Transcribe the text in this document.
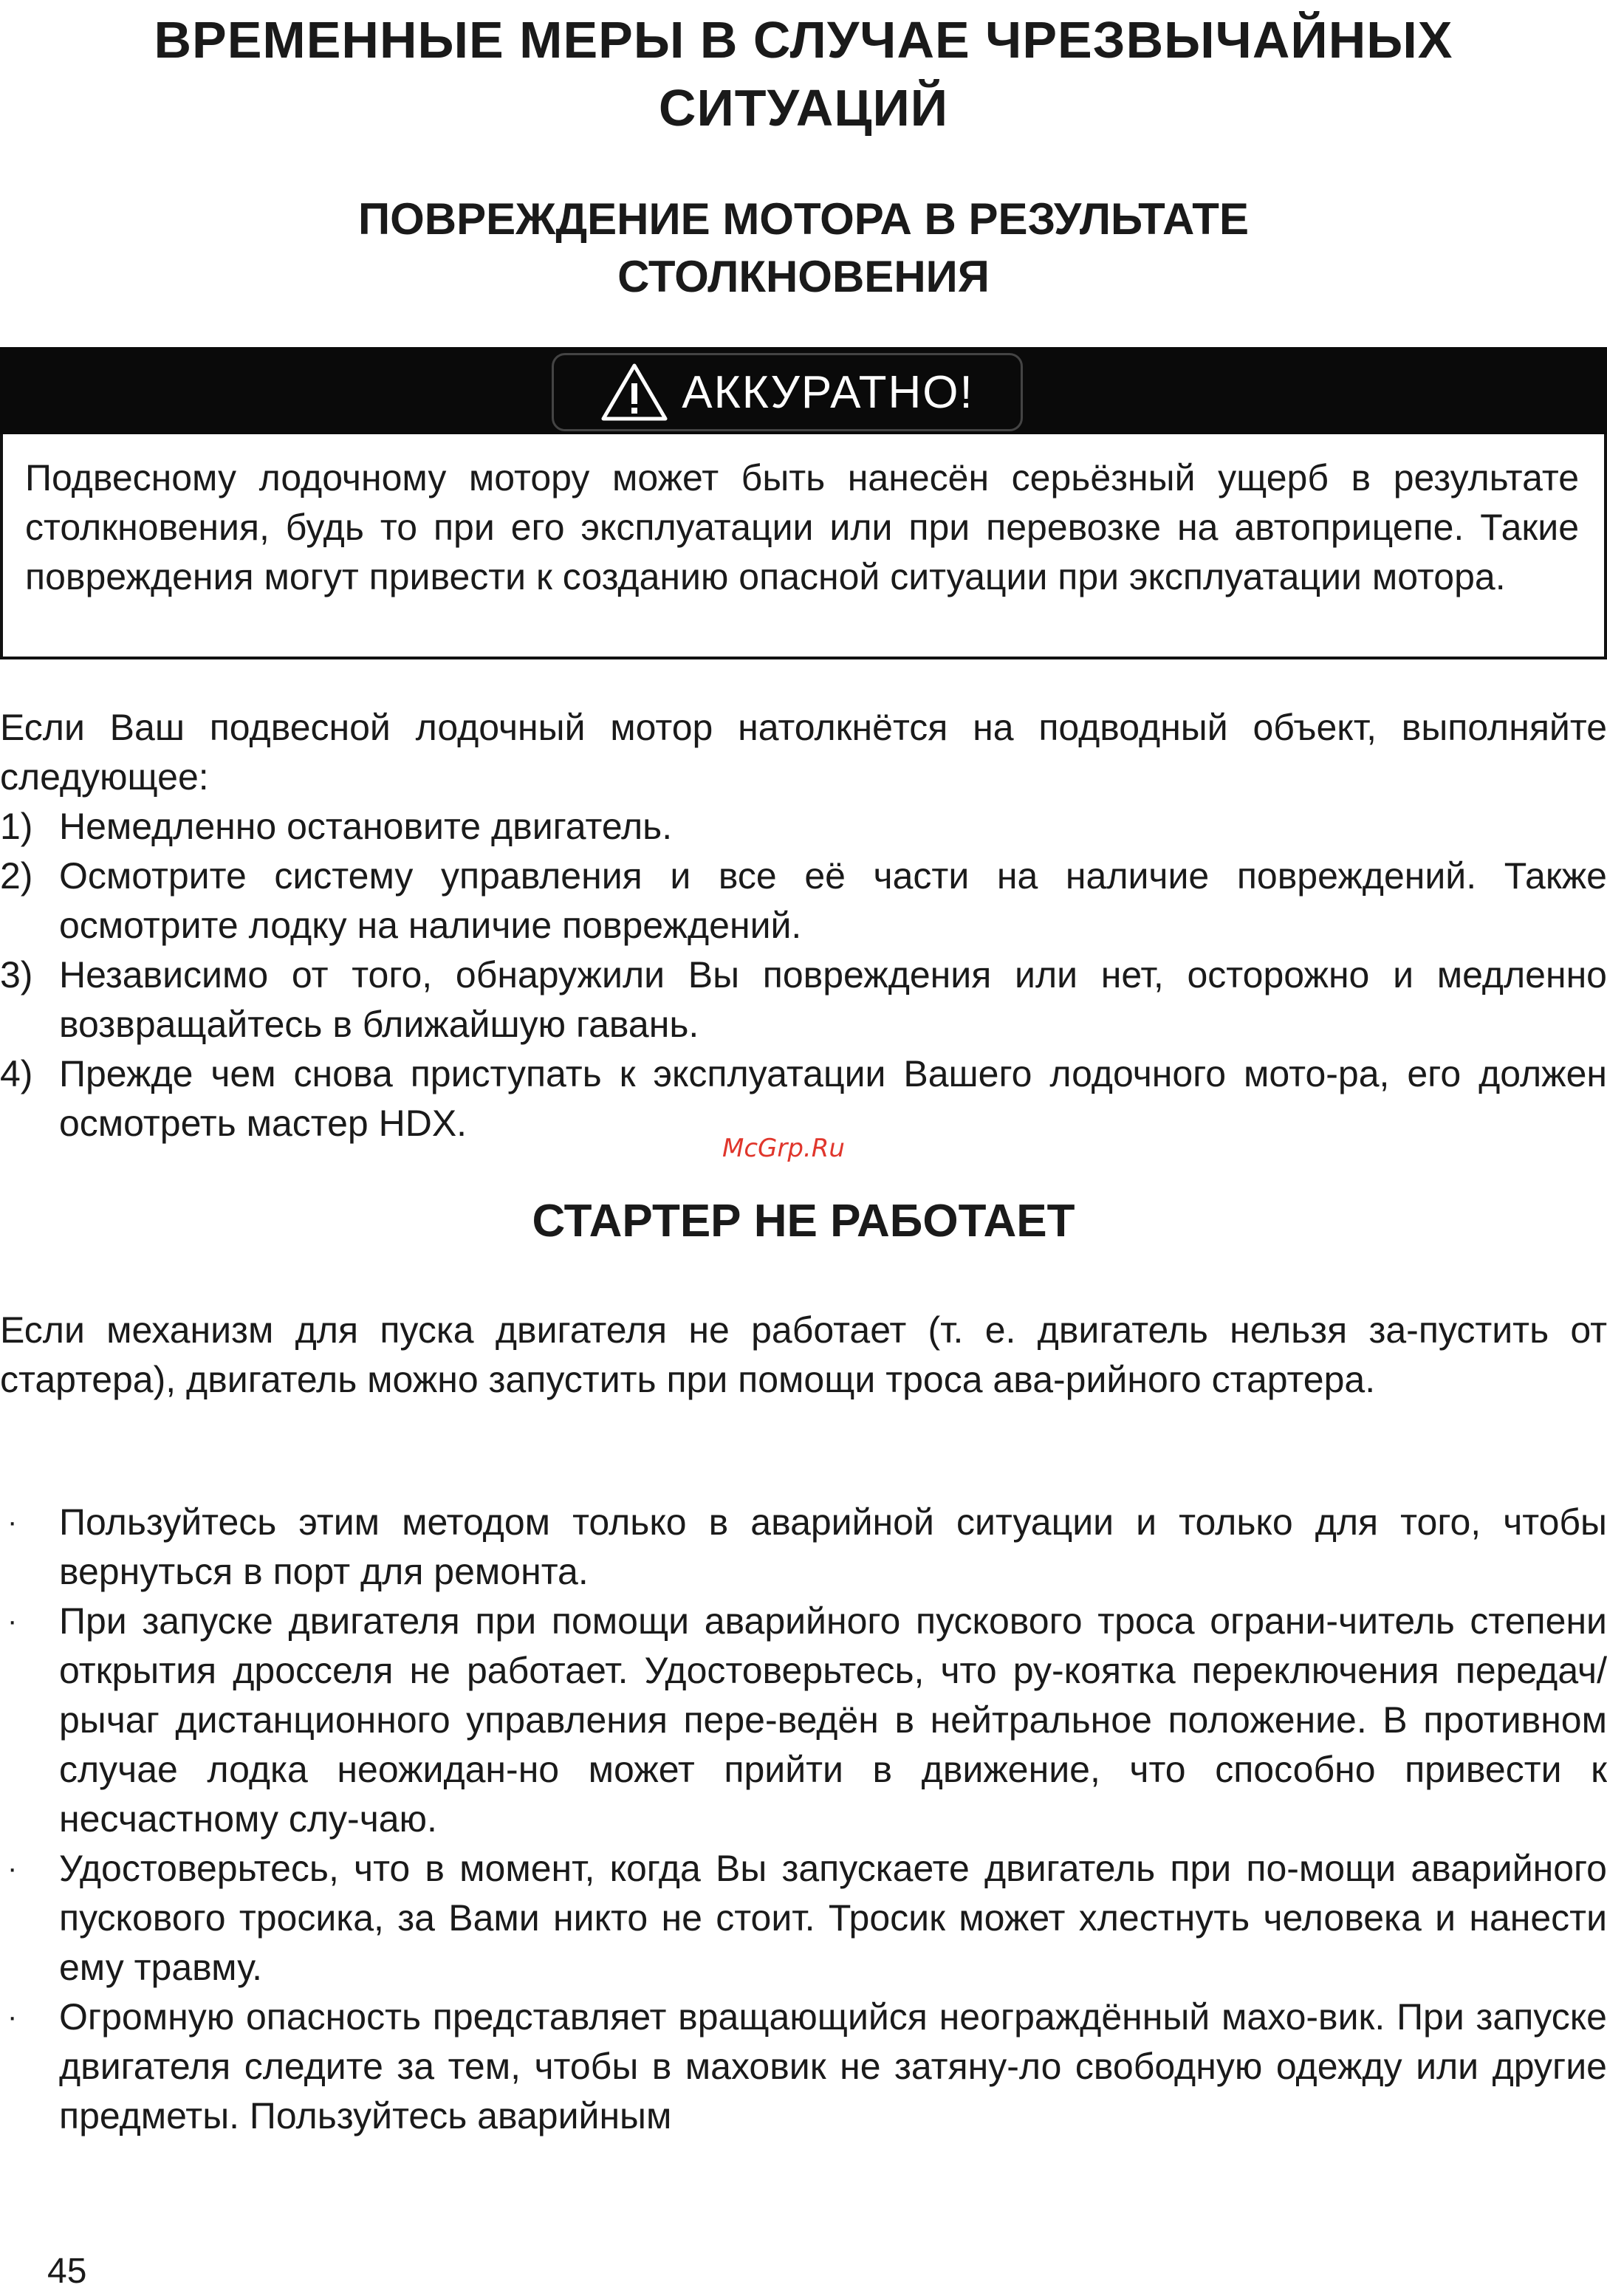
ВРЕМЕННЫЕ МЕРЫ В СЛУЧАЕ ЧРЕЗВЫЧАЙНЫХ
СИТУАЦИЙ
ПОВРЕЖДЕНИЕ МОТОРА В РЕЗУЛЬТАТЕ
СТОЛКНОВЕНИЯ
АККУРАТНО!

Подвесному лодочному мотору может быть нанесён серьёзный ущерб в результате столкновения, будь то при его эксплуатации или при перевозке на автоприцепе. Такие повреждения могут привести к созданию опасной ситуации при эксплуатации мотора.

Если Ваш подвесной лодочный мотор натолкнётся на подводный объект, выполняйте следующее:

1) Немедленно остановите двигатель.
2) Осмотрите систему управления и все её части на наличие повреждений. Также осмотрите лодку на наличие повреждений.
3) Независимо от того, обнаружили Вы повреждения или нет, осторожно и медленно возвращайтесь в ближайшую гавань.
4) Прежде чем снова приступать к эксплуатации Вашего лодочного мото-ра, его должен осмотреть мастер HDX.
McGrp.Ru
СТАРТЕР НЕ РАБОТАЕТ

Если механизм для пуска двигателя не работает (т. е. двигатель нельзя за-пустить от стартера), двигатель можно запустить при помощи троса ава-рийного стартера.

· Пользуйтесь этим методом только в аварийной ситуации и только для того, чтобы вернуться в порт для ремонта.
· При запуске двигателя при помощи аварийного пускового троса ограни-читель степени открытия дросселя не работает. Удостоверьтесь, что ру-коятка переключения передач/рычаг дистанционного управления пере-ведён в нейтральное положение. В противном случае лодка неожидан-но может прийти в движение, что способно привести к несчастному слу-чаю.
· Удостоверьтесь, что в момент, когда Вы запускаете двигатель при по-мощи аварийного пускового тросика, за Вами никто не стоит. Тросик может хлестнуть человека и нанести ему травму.
· Огромную опасность представляет вращающийся неограждённый махо-вик. При запуске двигателя следите за тем, чтобы в маховик не затяну-ло свободную одежду или другие предметы. Пользуйтесь аварийным
45
